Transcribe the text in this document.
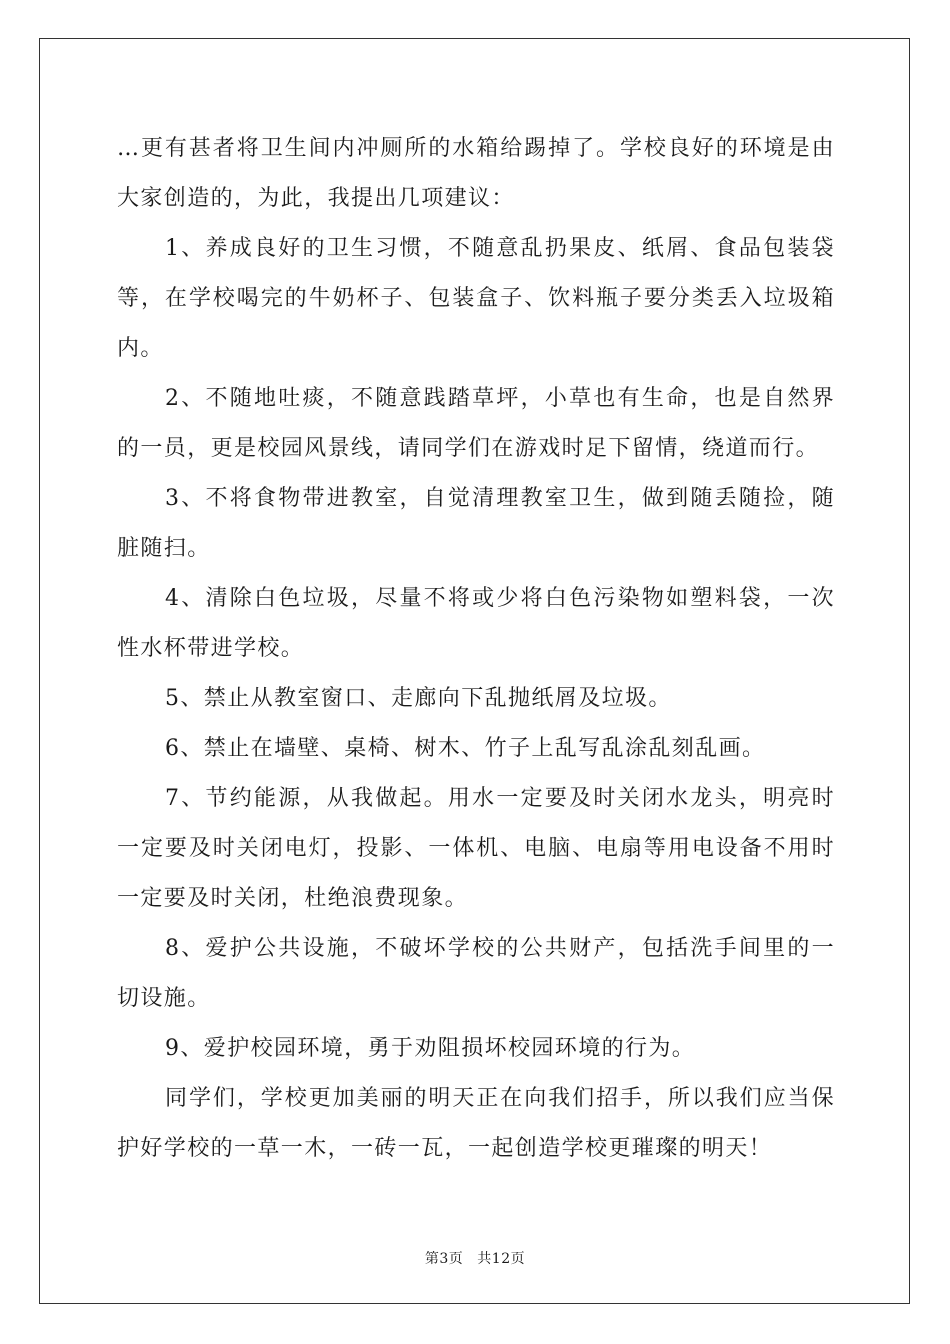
…更有甚者将卫生间内冲厕所的水箱给踢掉了。学校良好的环境是由大家创造的，为此，我提出几项建议：

1、养成良好的卫生习惯，不随意乱扔果皮、纸屑、食品包装袋等，在学校喝完的牛奶杯子、包装盒子、饮料瓶子要分类丢入垃圾箱内。

2、不随地吐痰，不随意践踏草坪，小草也有生命，也是自然界的一员，更是校园风景线，请同学们在游戏时足下留情，绕道而行。

3、不将食物带进教室，自觉清理教室卫生，做到随丢随捡，随脏随扫。

4、清除白色垃圾，尽量不将或少将白色污染物如塑料袋，一次性水杯带进学校。

5、禁止从教室窗口、走廊向下乱抛纸屑及垃圾。

6、禁止在墙壁、桌椅、树木、竹子上乱写乱涂乱刻乱画。

7、节约能源，从我做起。用水一定要及时关闭水龙头，明亮时一定要及时关闭电灯，投影、一体机、电脑、电扇等用电设备不用时一定要及时关闭，杜绝浪费现象。

8、爱护公共设施，不破坏学校的公共财产，包括洗手间里的一切设施。

9、爱护校园环境，勇于劝阻损坏校园环境的行为。

同学们，学校更加美丽的明天正在向我们招手，所以我们应当保护好学校的一草一木，一砖一瓦，一起创造学校更璀璨的明天！

第3页 共12页
